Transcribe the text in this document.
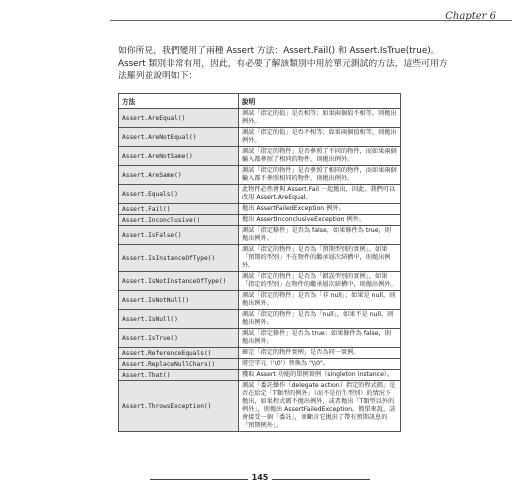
Chapter 6

如你所見，我們變用了兩種 Assert 方法：Assert.Fail() 和 Assert.IsTrue(true)。

Assert 類別非常有用，因此，有必要了解該類別中用於單元測試的方法，這些可用方

法羅列並說明如下：

方法	說明
Assert.AreEqual()	測試「指定的值」是否相等；如果兩個值不相等，則拋出例外。
Assert.AreNotEqual()	測試「指定的值」是否不相等；如果兩個值相等，則拋出例外。
Assert.AreNotSame()	測試「指定的物件」是否參照了不同的物件，而如果兩個輸入都參照了相同的物件，則拋出例外。
Assert.AreSame()	測試「指定的物件」是否參照了相同的物件，而如果兩個輸入都不參照相同的物件，則拋出例外。
Assert.Equals()	此物件必然會與 Assert.Fail 一起拋出，因此，我們可以改用 Assert.AreEqual。
Assert.Fail()	拋出 AssertFailedException 例外。
Assert.Inconclusive()	拋出 AssertInconclusiveException 例外。
Assert.IsFalse()	測試「指定條件」是否為 false，如果條件為 true，則拋出例外。
Assert.IsInstanceOfType()	測試「指定的物件」是否為「預期型別的實例」，如果「預期的型別」不在物件的繼承層次結構中，則拋出例外。
Assert.IsNotInstanceOfType()	測試「指定的物件」是否為「錯誤型別的實例」，如果「指定的型別」在物件的繼承層次結構中，則拋出例外。
Assert.IsNotNull()	測試「指定的物件」是否為「非 null」；如果是 null，則拋出例外。
Assert.IsNull()	測試「指定的物件」是否為「null」，如果不是 null，則拋出例外。
Assert.IsTrue()	測試「指定條件」是否為 true；如果條件為 false，則拋出例外。
Assert.ReferenceEquals()	確定「指定的物件實例」是否為同一實例。
Assert.ReplaceNullChars()	將空字元（'\0'）替換為 "\\0"。
Assert.That()	獲取 Assert 功能的單例實例（singleton instance）。
Assert.ThrowsException()	測試「委託操作（delegate action）指定的程式碼」是否在給定「T類型的例外」（而不是衍生型別）的情況下拋出，如果程式碼不拋出例外，或者拋出「T類型以外的例外」，則拋出 AssertFailedException。簡單來說，該會接受一個「委託」，並斷言它拋出了帶有預期訊息的「預期例外」。
145
